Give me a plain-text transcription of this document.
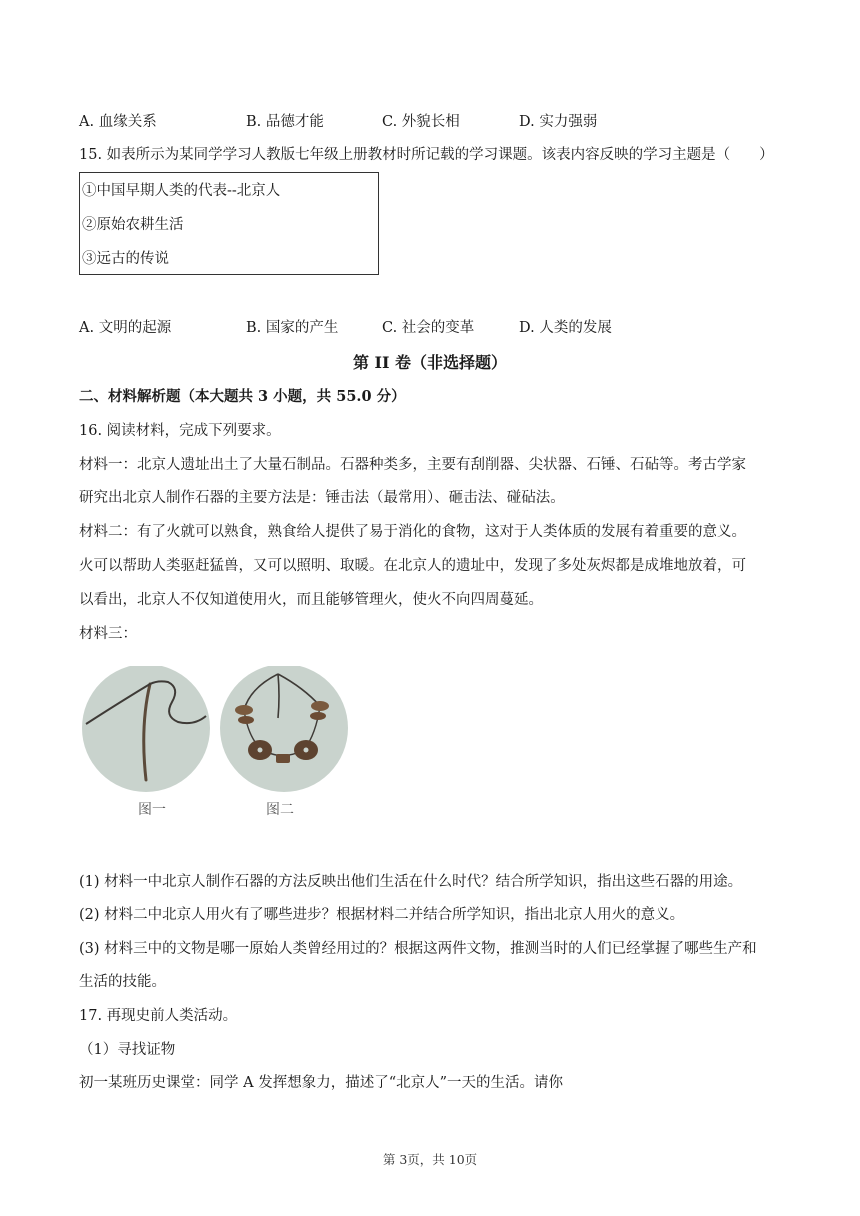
A. 血缘关系	B. 品德才能	C. 外貌长相	D. 实力强弱
15. 如表所示为某同学学习人教版七年级上册教材时所记载的学习课题。该表内容反映的学习主题是（　　）
①中国早期人类的代表--北京人
②原始农耕生活
③远古的传说
A. 文明的起源	B. 国家的产生	C. 社会的变革	D. 人类的发展
第 II 卷（非选择题）
二、材料解析题（本大题共 3 小题，共 55.0 分）
16. 阅读材料，完成下列要求。
材料一：北京人遗址出土了大量石制品。石器种类多，主要有刮削器、尖状器、石锤、石砧等。考古学家
研究出北京人制作石器的主要方法是：锤击法（最常用）、砸击法、碰砧法。
材料二：有了火就可以熟食，熟食给人提供了易于消化的食物，这对于人类体质的发展有着重要的意义。
火可以帮助人类驱赶猛兽，又可以照明、取暖。在北京人的遗址中，发现了多处灰烬都是成堆地放着，可
以看出，北京人不仅知道使用火，而且能够管理火，使火不向四周蔓延。
材料三：
图一	图二
(1) 材料一中北京人制作石器的方法反映出他们生活在什么时代？结合所学知识，指出这些石器的用途。
(2) 材料二中北京人用火有了哪些进步？根据材料二并结合所学知识，指出北京人用火的意义。
(3) 材料三中的文物是哪一原始人类曾经用过的？根据这两件文物，推测当时的人们已经掌握了哪些生产和
生活的技能。
17. 再现史前人类活动。
（1）寻找证物
初一某班历史课堂：同学 A 发挥想象力，描述了“北京人”一天的生活。请你
第 3页，共 10页
